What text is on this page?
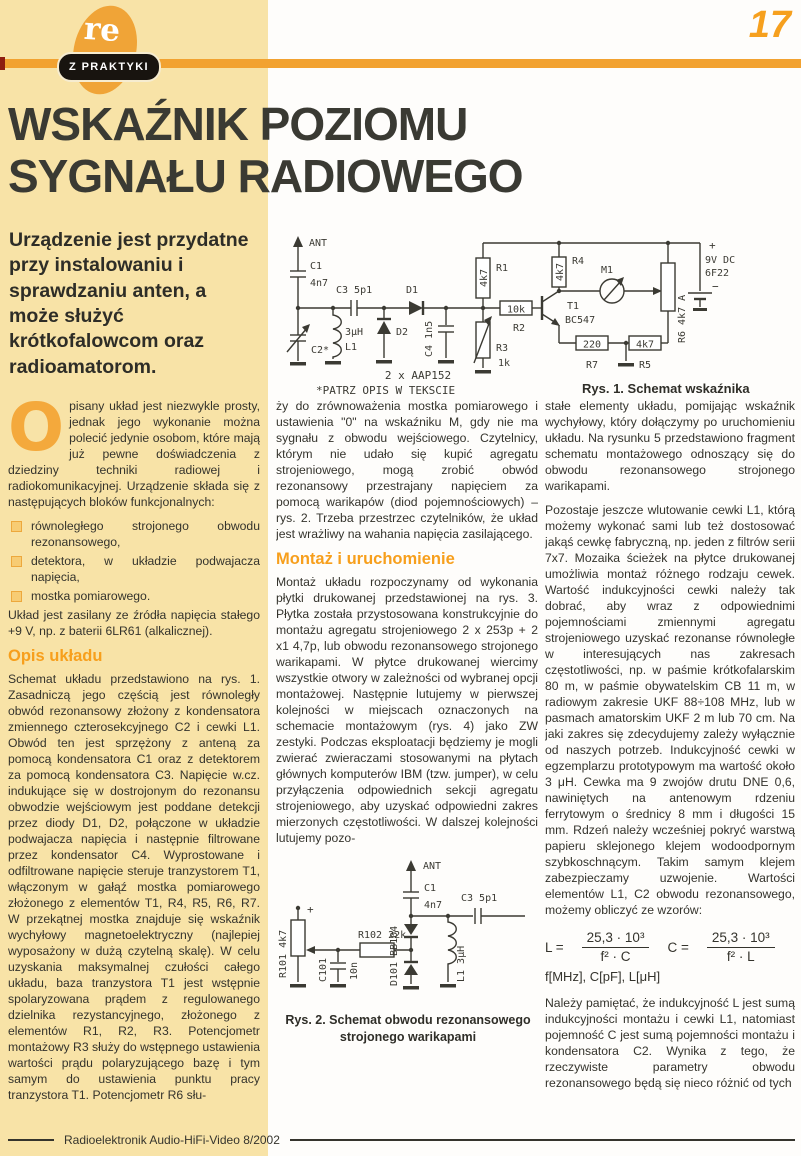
re
Z PRAKTYKI
17
WSKAŹNIK POZIOMU
SYGNAŁU RADIOWEGO
Urządzenie jest przydatne przy instalowaniu i sprawdzaniu anten, a może służyć krótkofalowcom oraz radioamatorom.
ANT
C1
4n7
C2*
3μH
L1
C3 5p1
D2
D1
C4 1n5
4k7
R1
10k
R2
R3
1k
T1
BC547
4k7
R4
M1
R6 4k7 A
220
R7
4k7
R5
+
9V DC
6F22
−
2 x AAP152
*PATRZ OPIS W TEKSCIE	Rys. 1. Schemat wskaźnika

Opisany układ jest niezwykle prosty, jednak jego wykonanie można polecić jedynie osobom, które mają już pewne doświadczenia z dziedziny techniki radiowej i radiokomunikacyjnej. Urządzenie składa się z następujących bloków funkcjonalnych:

równoległego strojonego obwodu rezonansowego,
detektora, w układzie podwajacza napięcia,
mostka pomiarowego.

Układ jest zasilany ze źródła napięcia stałego +9 V, np. z baterii 6LR61 (alkalicznej).

Opis układu

Schemat układu przedstawiono na rys. 1. Zasadniczą jego częścią jest równoległy obwód rezonansowy złożony z kondensatora zmiennego czterosekcyjnego C2 i cewki L1. Obwód ten jest sprzężony z anteną za pomocą kondensatora C1 oraz z detektorem za pomocą kondensatora C3. Napięcie w.cz. indukujące się w dostrojonym do rezonansu obwodzie wejściowym jest poddane detekcji przez diody D1, D2, połączone w układzie podwajacza napięcia i następnie filtrowane przez kondensator C4. Wyprostowane i odfiltrowane napięcie steruje tranzystorem T1, włączonym w gałąź mostka pomiarowego złożonego z elementów T1, R4, R5, R6, R7. W przekątnej mostka znajduje się wskaźnik wychyłowy magnetoelektryczny (najlepiej wyposażony w dużą czytelną skalę). W celu uzyskania maksymalnej czułości całego układu, baza tranzystora T1 jest wstępnie spolaryzowana prądem z regulowanego dzielnika rezystancyjnego, złożonego z elementów R1, R2, R3. Potencjometr montażowy R3 służy do wstępnego ustawienia wartości prądu polaryzującego bazę i tym samym do ustawienia punktu pracy tranzystora T1. Potencjometr R6 słu-

ży do zrównoważenia mostka pomiarowego i ustawienia "0" na wskaźniku M, gdy nie ma sygnału z obwodu wejściowego. Czytelnicy, którym nie udało się kupić agregatu strojeniowego, mogą zrobić obwód rezonansowy przestrajany napięciem za pomocą warikapów (diod pojemnościowych) – rys. 2. Trzeba przestrzec czytelników, że układ jest wrażliwy na wahania napięcia zasilającego.

Montaż i uruchomienie

Montaż układu rozpoczynamy od wykonania płytki drukowanej przedstawionej na rys. 3. Płytka została przystosowana konstrukcyjnie do montażu agregatu strojeniowego 2 x 253p + 2 x1 4,7p, lub obwodu rezonansowego strojonego warikapami. W płytce drukowanej wiercimy wszystkie otwory w zależności od wybranej opcji montażowej. Następnie lutujemy w pierwszej kolejności w miejscach oznaczonych na schemacie montażowym (rys. 4) jako ZW zestyki. Podczas eksploatacji będziemy je mogli zwierać zwieraczami stosowanymi na płytach głównych komputerów IBM (tzw. jumper), w celu przyłączenia odpowiednich sekcji agregatu strojeniowego, aby uzyskać odpowiedni zakres mierzonych częstotliwości. W dalszej kolejności lutujemy pozo-

+
R101 4k7	C101 10n
R102 22k
D101 BB104
ANT
C1
4n7
L1 3μH
C3 5p1
Rys. 2. Schemat obwodu rezonansowego
strojonego warikapami

stałe elementy układu, pomijając wskaźnik wychyłowy, który dołączymy po uruchomieniu układu. Na rysunku 5 przedstawiono fragment schematu montażowego odnoszący się do obwodu rezonansowego strojonego warikapami.

Pozostaje jeszcze wlutowanie cewki L1, którą możemy wykonać sami lub też dostosować jakąś cewkę fabryczną, np. jeden z filtrów serii 7x7. Mozaika ścieżek na płytce drukowanej umożliwia montaż różnego rodzaju cewek. Wartość indukcyjności cewki należy tak dobrać, aby wraz z odpowiednimi pojemnościami zmiennymi agregatu strojeniowego uzyskać rezonanse równoległe w interesujących nas zakresach częstotliwości, np. w paśmie krótkofalarskim 80 m, w paśmie obywatelskim CB 11 m, w radiowym zakresie UKF 88÷108 MHz, lub w pasmach amatorskim UKF 2 m lub 70 cm. Na jaki zakres się zdecydujemy zależy wyłącznie od naszych potrzeb. Indukcyjność cewki w egzemplarzu prototypowym ma wartość około 3 μH. Cewka ma 9 zwojów drutu DNE 0,6, nawiniętych na antenowym rdzeniu ferrytowym o średnicy 8 mm i długości 15 mm. Rdzeń należy wcześniej pokryć warstwą papieru sklejonego klejem wodoodpornym szybkoschnącym. Takim samym klejem zabezpieczamy uzwojenie. Wartości elementów L1, C2 obwodu rezonansowego, możemy obliczyć ze wzorów:

$L = \frac{\text{25,3 · 10³}}{\text{f² · C}}$ $C = \frac{\text{25,3 · 10³}}{\text{f² · L}}$
f[MHz], C[pF], L[μH]

Należy pamiętać, że indukcyjność L jest sumą indukcyjności montażu i cewki L1, natomiast pojemność C jest sumą pojemności montażu i kondensatora C2. Wynika z tego, że rzeczywiste parametry obwodu rezonansowego będą się nieco różnić od tych

Radioelektronik Audio-HiFi-Video 8/2002
